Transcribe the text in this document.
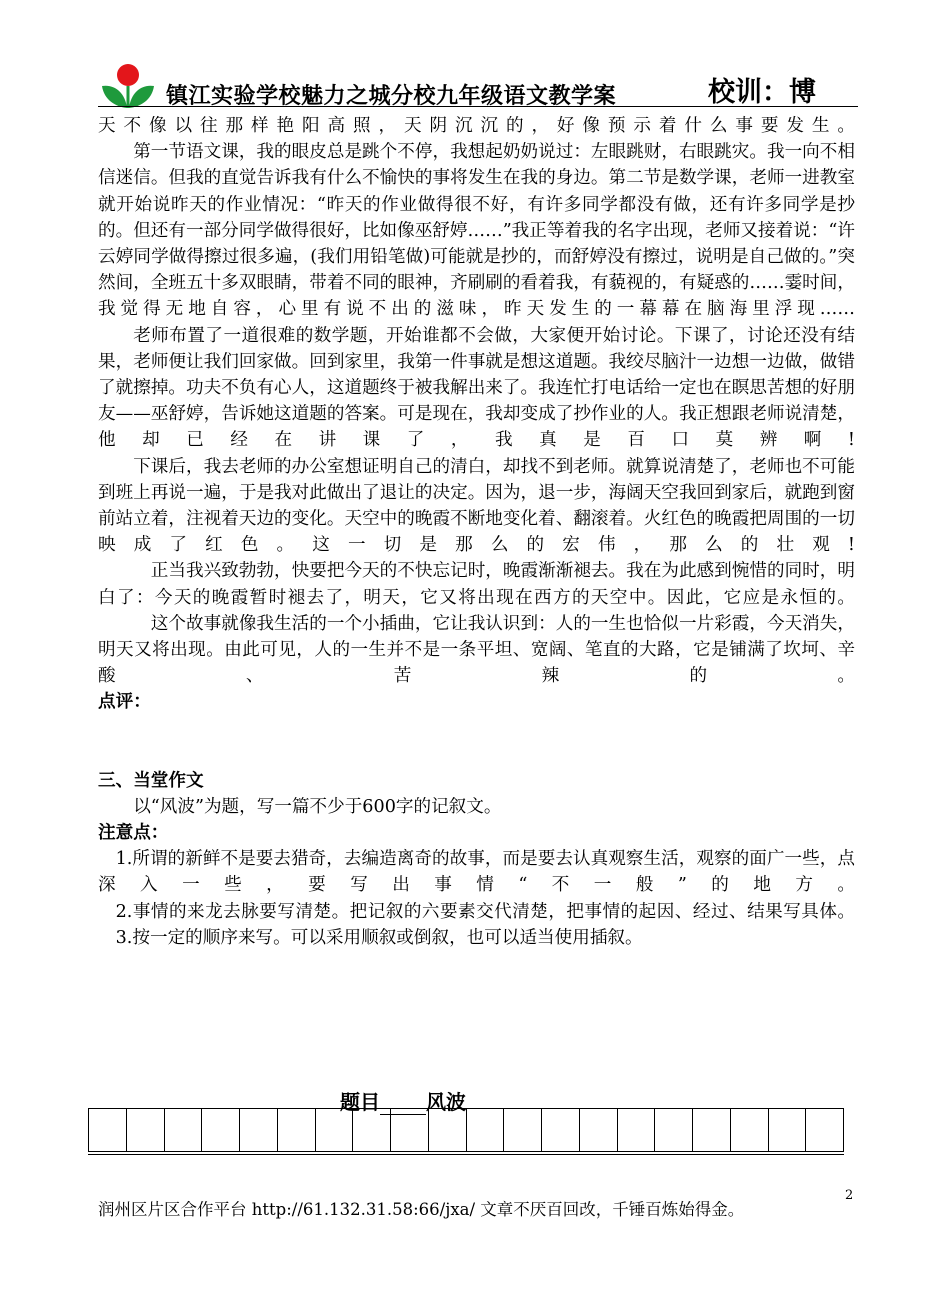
镇江实验学校魅力之城分校九年级语文教学案	校训：博

天不像以往那样艳阳高照，天阴沉沉的，好像预示着什么事要发生。

第一节语文课，我的眼皮总是跳个不停，我想起奶奶说过：左眼跳财，右眼跳灾。我一向不相信迷信。但我的直觉告诉我有什么不愉快的事将发生在我的身边。第二节是数学课，老师一进教室就开始说昨天的作业情况：“昨天的作业做得很不好，有许多同学都没有做，还有许多同学是抄的。但还有一部分同学做得很好，比如像巫舒婷……”我正等着我的名字出现，老师又接着说：“许云婷同学做得擦过很多遍，(我们用铅笔做)可能就是抄的，而舒婷没有擦过，说明是自己做的。”突然间，全班五十多双眼睛，带着不同的眼神，齐刷刷的看着我，有藐视的，有疑惑的……霎时间，我觉得无地自容，心里有说不出的滋味，昨天发生的一幕幕在脑海里浮现……

老师布置了一道很难的数学题，开始谁都不会做，大家便开始讨论。下课了，讨论还没有结果，老师便让我们回家做。回到家里，我第一件事就是想这道题。我绞尽脑汁一边想一边做，做错了就擦掉。功夫不负有心人，这道题终于被我解出来了。我连忙打电话给一定也在瞑思苦想的好朋友——巫舒婷，告诉她这道题的答案。可是现在，我却变成了抄作业的人。我正想跟老师说清楚，他却已经在讲课了，我真是百口莫辨啊!

下课后，我去老师的办公室想证明自己的清白，却找不到老师。就算说清楚了，老师也不可能到班上再说一遍，于是我对此做出了退让的决定。因为，退一步，海阔天空我回到家后，就跑到窗前站立着，注视着天边的变化。天空中的晚霞不断地变化着、翻滚着。火红色的晚霞把周围的一切映成了红色。这一切是那么的宏伟，那么的壮观!

正当我兴致勃勃，快要把今天的不快忘记时，晚霞渐渐褪去。我在为此感到惋惜的同时，明白了：今天的晚霞暂时褪去了，明天，它又将出现在西方的天空中。因此，它应是永恒的。

这个故事就像我生活的一个小插曲，它让我认识到：人的一生也恰似一片彩霞，今天消失，明天又将出现。由此可见，人的一生并不是一条平坦、宽阔、笔直的大路，它是铺满了坎坷、辛酸、苦辣的。

点评：

三、当堂作文

以“风波”为题，写一篇不少于600字的记叙文。

注意点：

1.所谓的新鲜不是要去猎奇，去编造离奇的故事，而是要去认真观察生活，观察的面广一些，点深入一些，要写出事情“不一般”的地方。

2.事情的来龙去脉要写清楚。把记叙的六要素交代清楚，把事情的起因、经过、结果写具体。

3.按一定的顺序来写。可以采用顺叙或倒叙，也可以适当使用插叙。

题目 风波
润州区片区合作平台 http://61.132.31.58:66/jxa/ 文章不厌百回改，千锤百炼始得金。
2
